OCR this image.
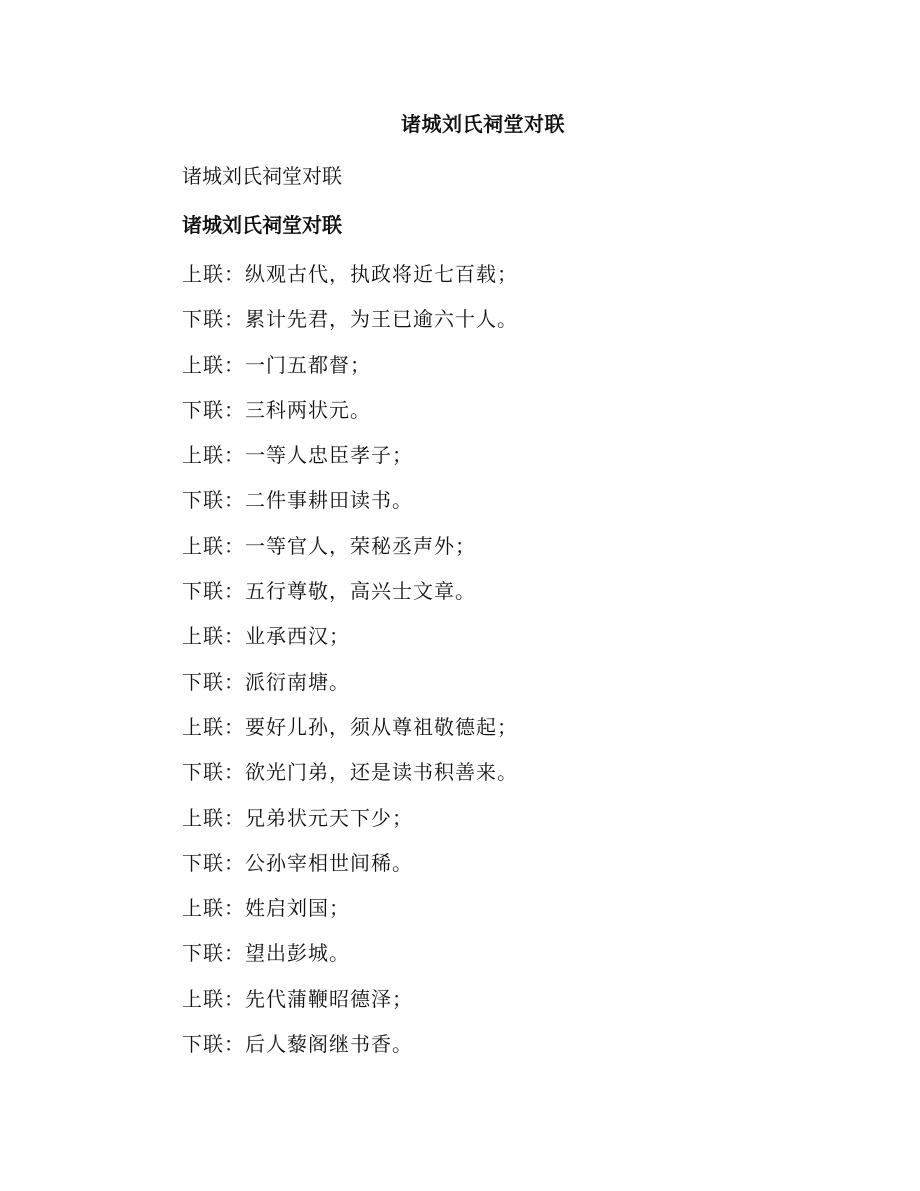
诸城刘氏祠堂对联

诸城刘氏祠堂对联

诸城刘氏祠堂对联
上联：纵观古代，执政将近七百载；
下联：累计先君，为王已逾六十人。
上联：一门五都督；
下联：三科两状元。
上联：一等人忠臣孝子；
下联：二件事耕田读书。
上联：一等官人，荣秘丞声外；
下联：五行尊敬，高兴士文章。
上联：业承西汉；
下联：派衍南塘。
上联：要好儿孙，须从尊祖敬德起；
下联：欲光门弟，还是读书积善来。
上联：兄弟状元天下少；
下联：公孙宰相世间稀。
上联：姓启刘国；
下联：望出彭城。
上联：先代蒲鞭昭德泽；
下联：后人藜阁继书香。
